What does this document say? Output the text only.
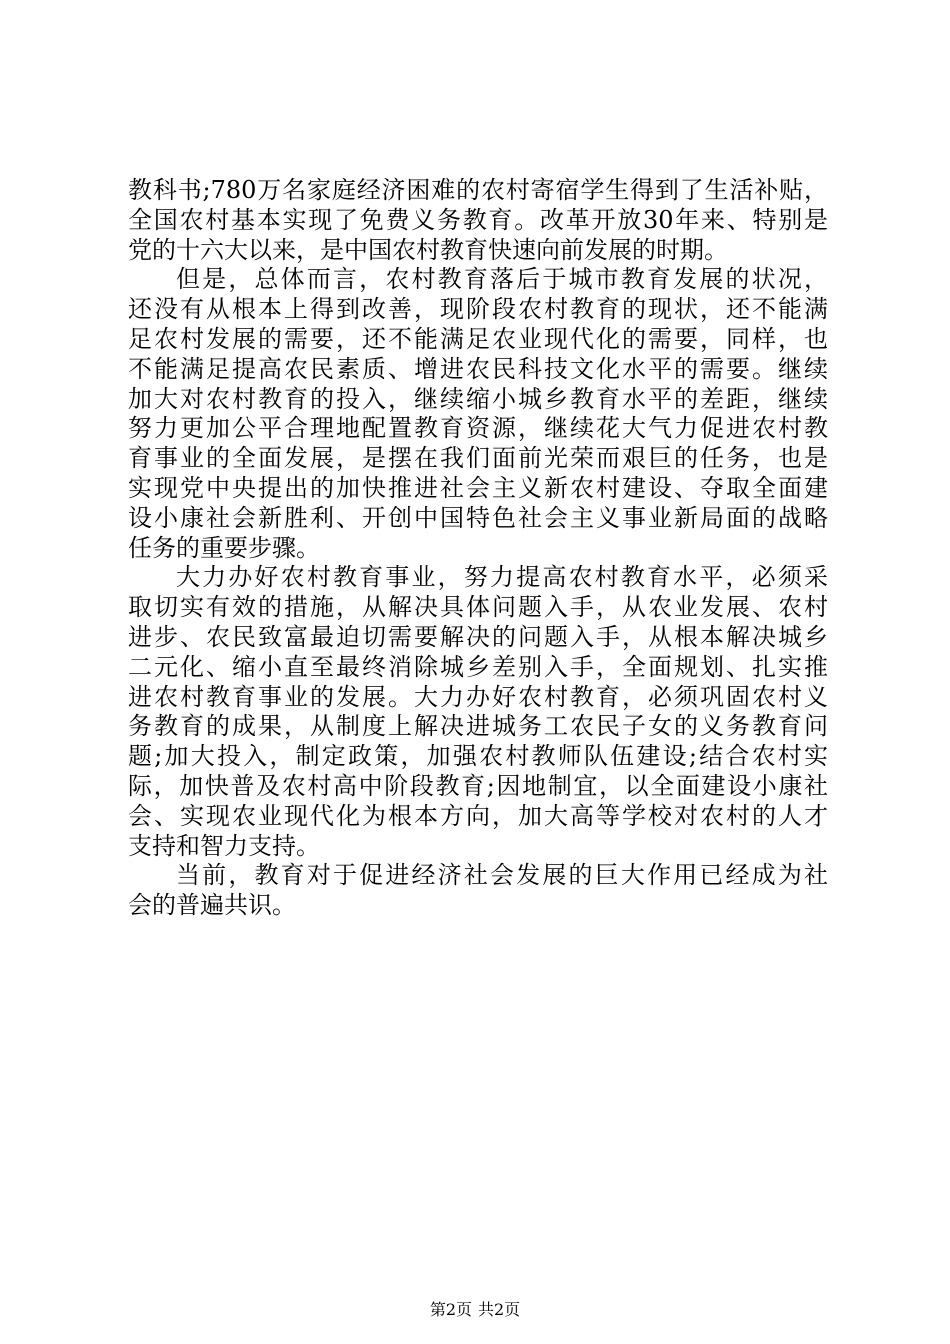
教科书;780万名家庭经济困难的农村寄宿学生得到了生活补贴，
全国农村基本实现了免费义务教育。改革开放30年来、特别是
党的十六大以来，是中国农村教育快速向前发展的时期。
但是，总体而言，农村教育落后于城市教育发展的状况，
还没有从根本上得到改善，现阶段农村教育的现状，还不能满
足农村发展的需要，还不能满足农业现代化的需要，同样，也
不能满足提高农民素质、增进农民科技文化水平的需要。继续
加大对农村教育的投入，继续缩小城乡教育水平的差距，继续
努力更加公平合理地配置教育资源，继续花大气力促进农村教
育事业的全面发展，是摆在我们面前光荣而艰巨的任务，也是
实现党中央提出的加快推进社会主义新农村建设、夺取全面建
设小康社会新胜利、开创中国特色社会主义事业新局面的战略
任务的重要步骤。
大力办好农村教育事业，努力提高农村教育水平，必须采
取切实有效的措施，从解决具体问题入手，从农业发展、农村
进步、农民致富最迫切需要解决的问题入手，从根本解决城乡
二元化、缩小直至最终消除城乡差别入手，全面规划、扎实推
进农村教育事业的发展。大力办好农村教育，必须巩固农村义
务教育的成果，从制度上解决进城务工农民子女的义务教育问
题;加大投入，制定政策，加强农村教师队伍建设;结合农村实
际，加快普及农村高中阶段教育;因地制宜，以全面建设小康社
会、实现农业现代化为根本方向，加大高等学校对农村的人才
支持和智力支持。
当前，教育对于促进经济社会发展的巨大作用已经成为社
会的普遍共识。
第2页 共2页
